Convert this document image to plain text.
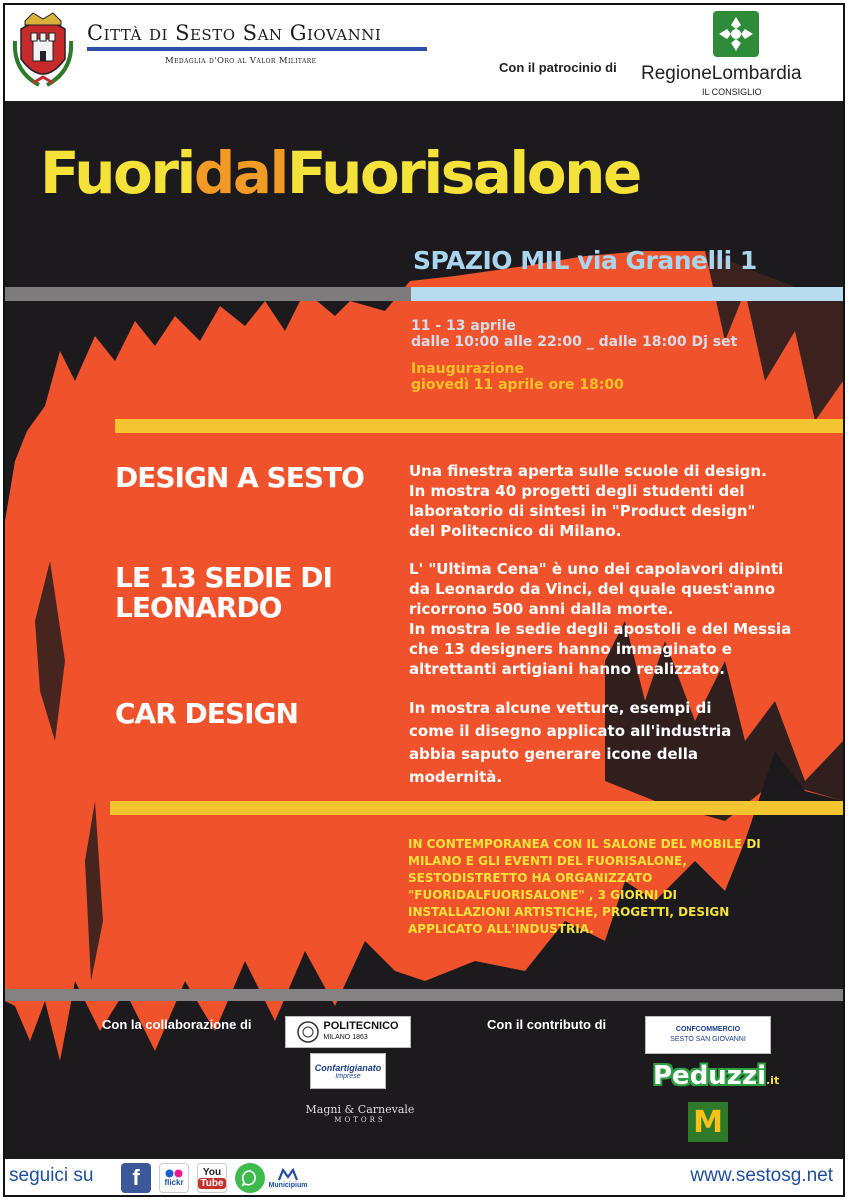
Città di Sesto San Giovanni
Medaglia d'Oro al Valor Militare	Con il patrocinio di RegioneLombardia
IL CONSIGLIO
FuoridalFuorisalone
SPAZIO MIL via Granelli 1
11 - 13 aprile
dalle 10:00 alle 22:00 _ dalle 18:00 Dj set
Inaugurazione
giovedì 11 aprile ore 18:00
DESIGN A SESTO	Una finestra aperta sulle scuole di design.
In mostra 40 progetti degli studenti del
laboratorio di sintesi in "Product design"
del Politecnico di Milano.
LE 13 SEDIE DI
LEONARDO
L' "Ultima Cena" è uno dei capolavori dipinti
da Leonardo da Vinci, del quale quest'anno
ricorrono 500 anni dalla morte.
In mostra le sedie degli apostoli e del Messia
che 13 designers hanno immaginato e
altrettanti artigiani hanno realizzato.
CAR DESIGN	In mostra alcune vetture, esempi di
come il disegno applicato all'industria
abbia saputo generare icone della
modernità.
IN CONTEMPORANEA CON IL SALONE DEL MOBILE DI
MILANO E GLI EVENTI DEL FUORISALONE,
SESTODISTRETTO HA ORGANIZZATO
"FUORIDALFUORISALONE" , 3 GIORNI DI
INSTALLAZIONI ARTISTICHE, PROGETTI, DESIGN
APPLICATO ALL'INDUSTRIA.
Con la collaborazione di	Con il contributo di
POLITECNICO
MILANO 1863
Confartigianato
Imprese
Magni & Carnevale
MOTORS
CONFCOMMERCIO
SESTO SAN GIOVANNI
Peduzzi.it
M
seguici su	f	flickr
You
Tube	Municipium	www.sestosg.net
